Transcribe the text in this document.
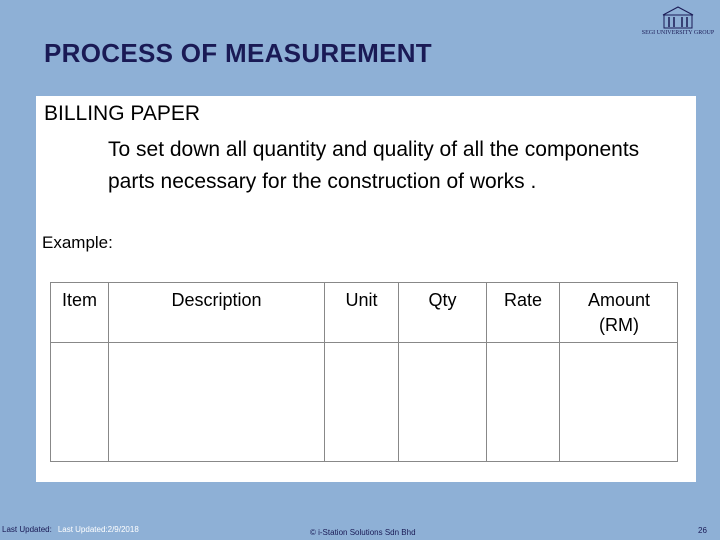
PROCESS OF MEASUREMENT
SEGI UNIVERSITY GROUP
BILLING PAPER
To set down all quantity and quality of all the components parts necessary for the construction of works .
Example:
Item	Description	Unit	Qty	Rate	Amount (RM)
Last Updated: Last Updated:2/9/2018	© i-Station Solutions Sdn Bhd	26
